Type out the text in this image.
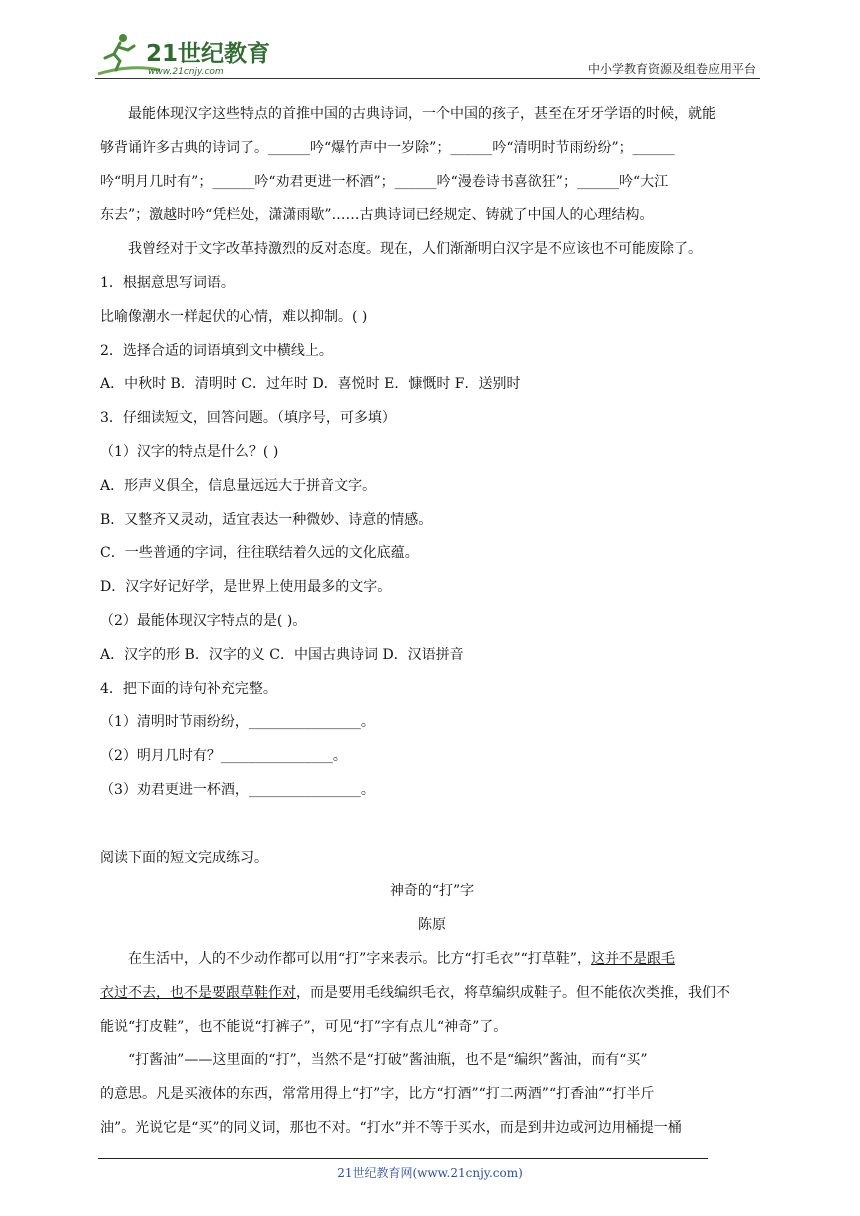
21世纪教育
www.21cnjy.com	中小学教育资源及组卷应用平台

最能体现汉字这些特点的首推中国的古典诗词，一个中国的孩子，甚至在牙牙学语的时候，就能

够背诵许多古典的诗词了。______吟“爆竹声中一岁除”；______吟“清明时节雨纷纷”；______

吟“明月几时有”；______吟“劝君更进一杯酒”；______吟“漫卷诗书喜欲狂”；______吟“大江

东去”；激越时吟“凭栏处，潇潇雨歇”……古典诗词已经规定、铸就了中国人的心理结构。

我曾经对于文字改革持激烈的反对态度。现在，人们渐渐明白汉字是不应该也不可能废除了。

1．根据意思写词语。

比喻像潮水一样起伏的心情，难以抑制。( )

2．选择合适的词语填到文中横线上。

A．中秋时 B．清明时 C．过年时 D．喜悦时 E．慷慨时 F．送别时

3．仔细读短文，回答问题。（填序号，可多填）

（1）汉字的特点是什么？( )

A．形声义俱全，信息量远远大于拼音文字。

B．又整齐又灵动，适宜表达一种微妙、诗意的情感。

C．一些普通的字词，往往联结着久远的文化底蕴。

D．汉字好记好学，是世界上使用最多的文字。

（2）最能体现汉字特点的是( )。

A．汉字的形 B．汉字的义 C．中国古典诗词 D．汉语拼音

4．把下面的诗句补充完整。

（1）清明时节雨纷纷，________________。

（2）明月几时有？________________。

（3）劝君更进一杯酒，________________。

阅读下面的短文完成练习。

神奇的“打”字

陈原

在生活中，人的不少动作都可以用“打”字来表示。比方“打毛衣”“打草鞋”，这并不是跟毛

衣过不去，也不是要跟草鞋作对，而是要用毛线编织毛衣，将草编织成鞋子。但不能依次类推，我们不

能说“打皮鞋”，也不能说“打裤子”，可见“打”字有点儿“神奇”了。

“打酱油”——这里面的“打”，当然不是“打破”酱油瓶，也不是“编织”酱油，而有“买”

的意思。凡是买液体的东西，常常用得上“打”字，比方“打酒”“打二两酒”“打香油”“打半斤

油”。光说它是“买”的同义词，那也不对。“打水”并不等于买水，而是到井边或河边用桶提一桶

21世纪教育网(www.21cnjy.com)
